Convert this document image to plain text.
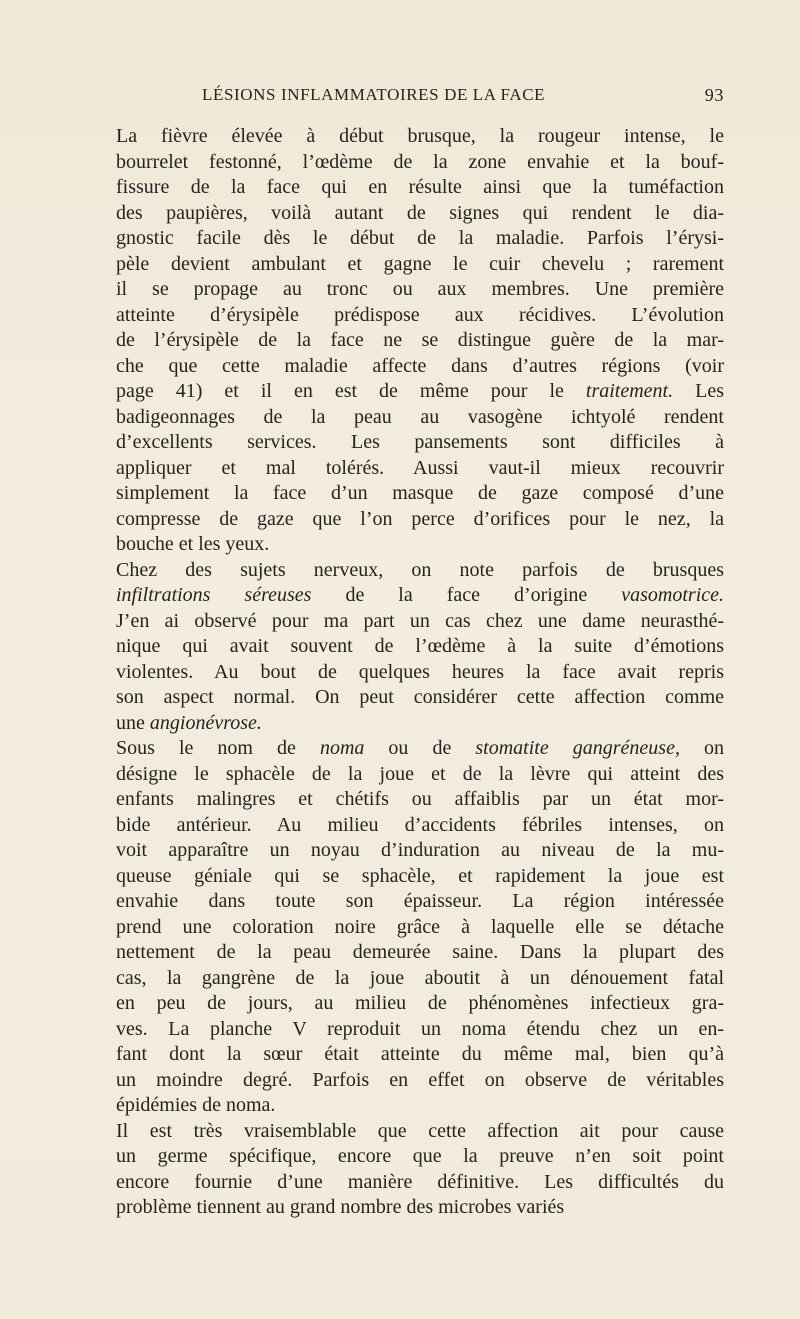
LÉSIONS INFLAMMATOIRES DE LA FACE	93

La fièvre élevée à début brusque, la rougeur intense, le
bourrelet festonné, l’œdème de la zone envahie et la bouf-
fissure de la face qui en résulte ainsi que la tuméfaction
des paupières, voilà autant de signes qui rendent le dia-
gnostic facile dès le début de la maladie. Parfois l’érysi-
pèle devient ambulant et gagne le cuir chevelu ; rarement
il se propage au tronc ou aux membres. Une première
atteinte d’érysipèle prédispose aux récidives. L’évolution
de l’érysipèle de la face ne se distingue guère de la mar-
che que cette maladie affecte dans d’autres régions (voir
page 41) et il en est de même pour le traitement. Les
badigeonnages de la peau au vasogène ichtyolé rendent
d’excellents services. Les pansements sont difficiles à
appliquer et mal tolérés. Aussi vaut-il mieux recouvrir
simplement la face d’un masque de gaze composé d’une
compresse de gaze que l’on perce d’orifices pour le nez, la
bouche et les yeux.

Chez des sujets nerveux, on note parfois de brusques
infiltrations séreuses de la face d’origine vasomotrice.
J’en ai observé pour ma part un cas chez une dame neurasthé-
nique qui avait souvent de l’œdème à la suite d’émotions
violentes. Au bout de quelques heures la face avait repris
son aspect normal. On peut considérer cette affection comme
une angionévrose.

Sous le nom de noma ou de stomatite gangréneuse, on
désigne le sphacèle de la joue et de la lèvre qui atteint des
enfants malingres et chétifs ou affaiblis par un état mor-
bide antérieur. Au milieu d’accidents fébriles intenses, on
voit apparaître un noyau d’induration au niveau de la mu-
queuse géniale qui se sphacèle, et rapidement la joue est
envahie dans toute son épaisseur. La région intéressée
prend une coloration noire grâce à laquelle elle se détache
nettement de la peau demeurée saine. Dans la plupart des
cas, la gangrène de la joue aboutit à un dénouement fatal
en peu de jours, au milieu de phénomènes infectieux gra-
ves. La planche V reproduit un noma étendu chez un en-
fant dont la sœur était atteinte du même mal, bien qu’à
un moindre degré. Parfois en effet on observe de véritables
épidémies de noma.

Il est très vraisemblable que cette affection ait pour cause
un germe spécifique, encore que la preuve n’en soit point
encore fournie d’une manière définitive. Les difficultés du
problème tiennent au grand nombre des microbes variés
